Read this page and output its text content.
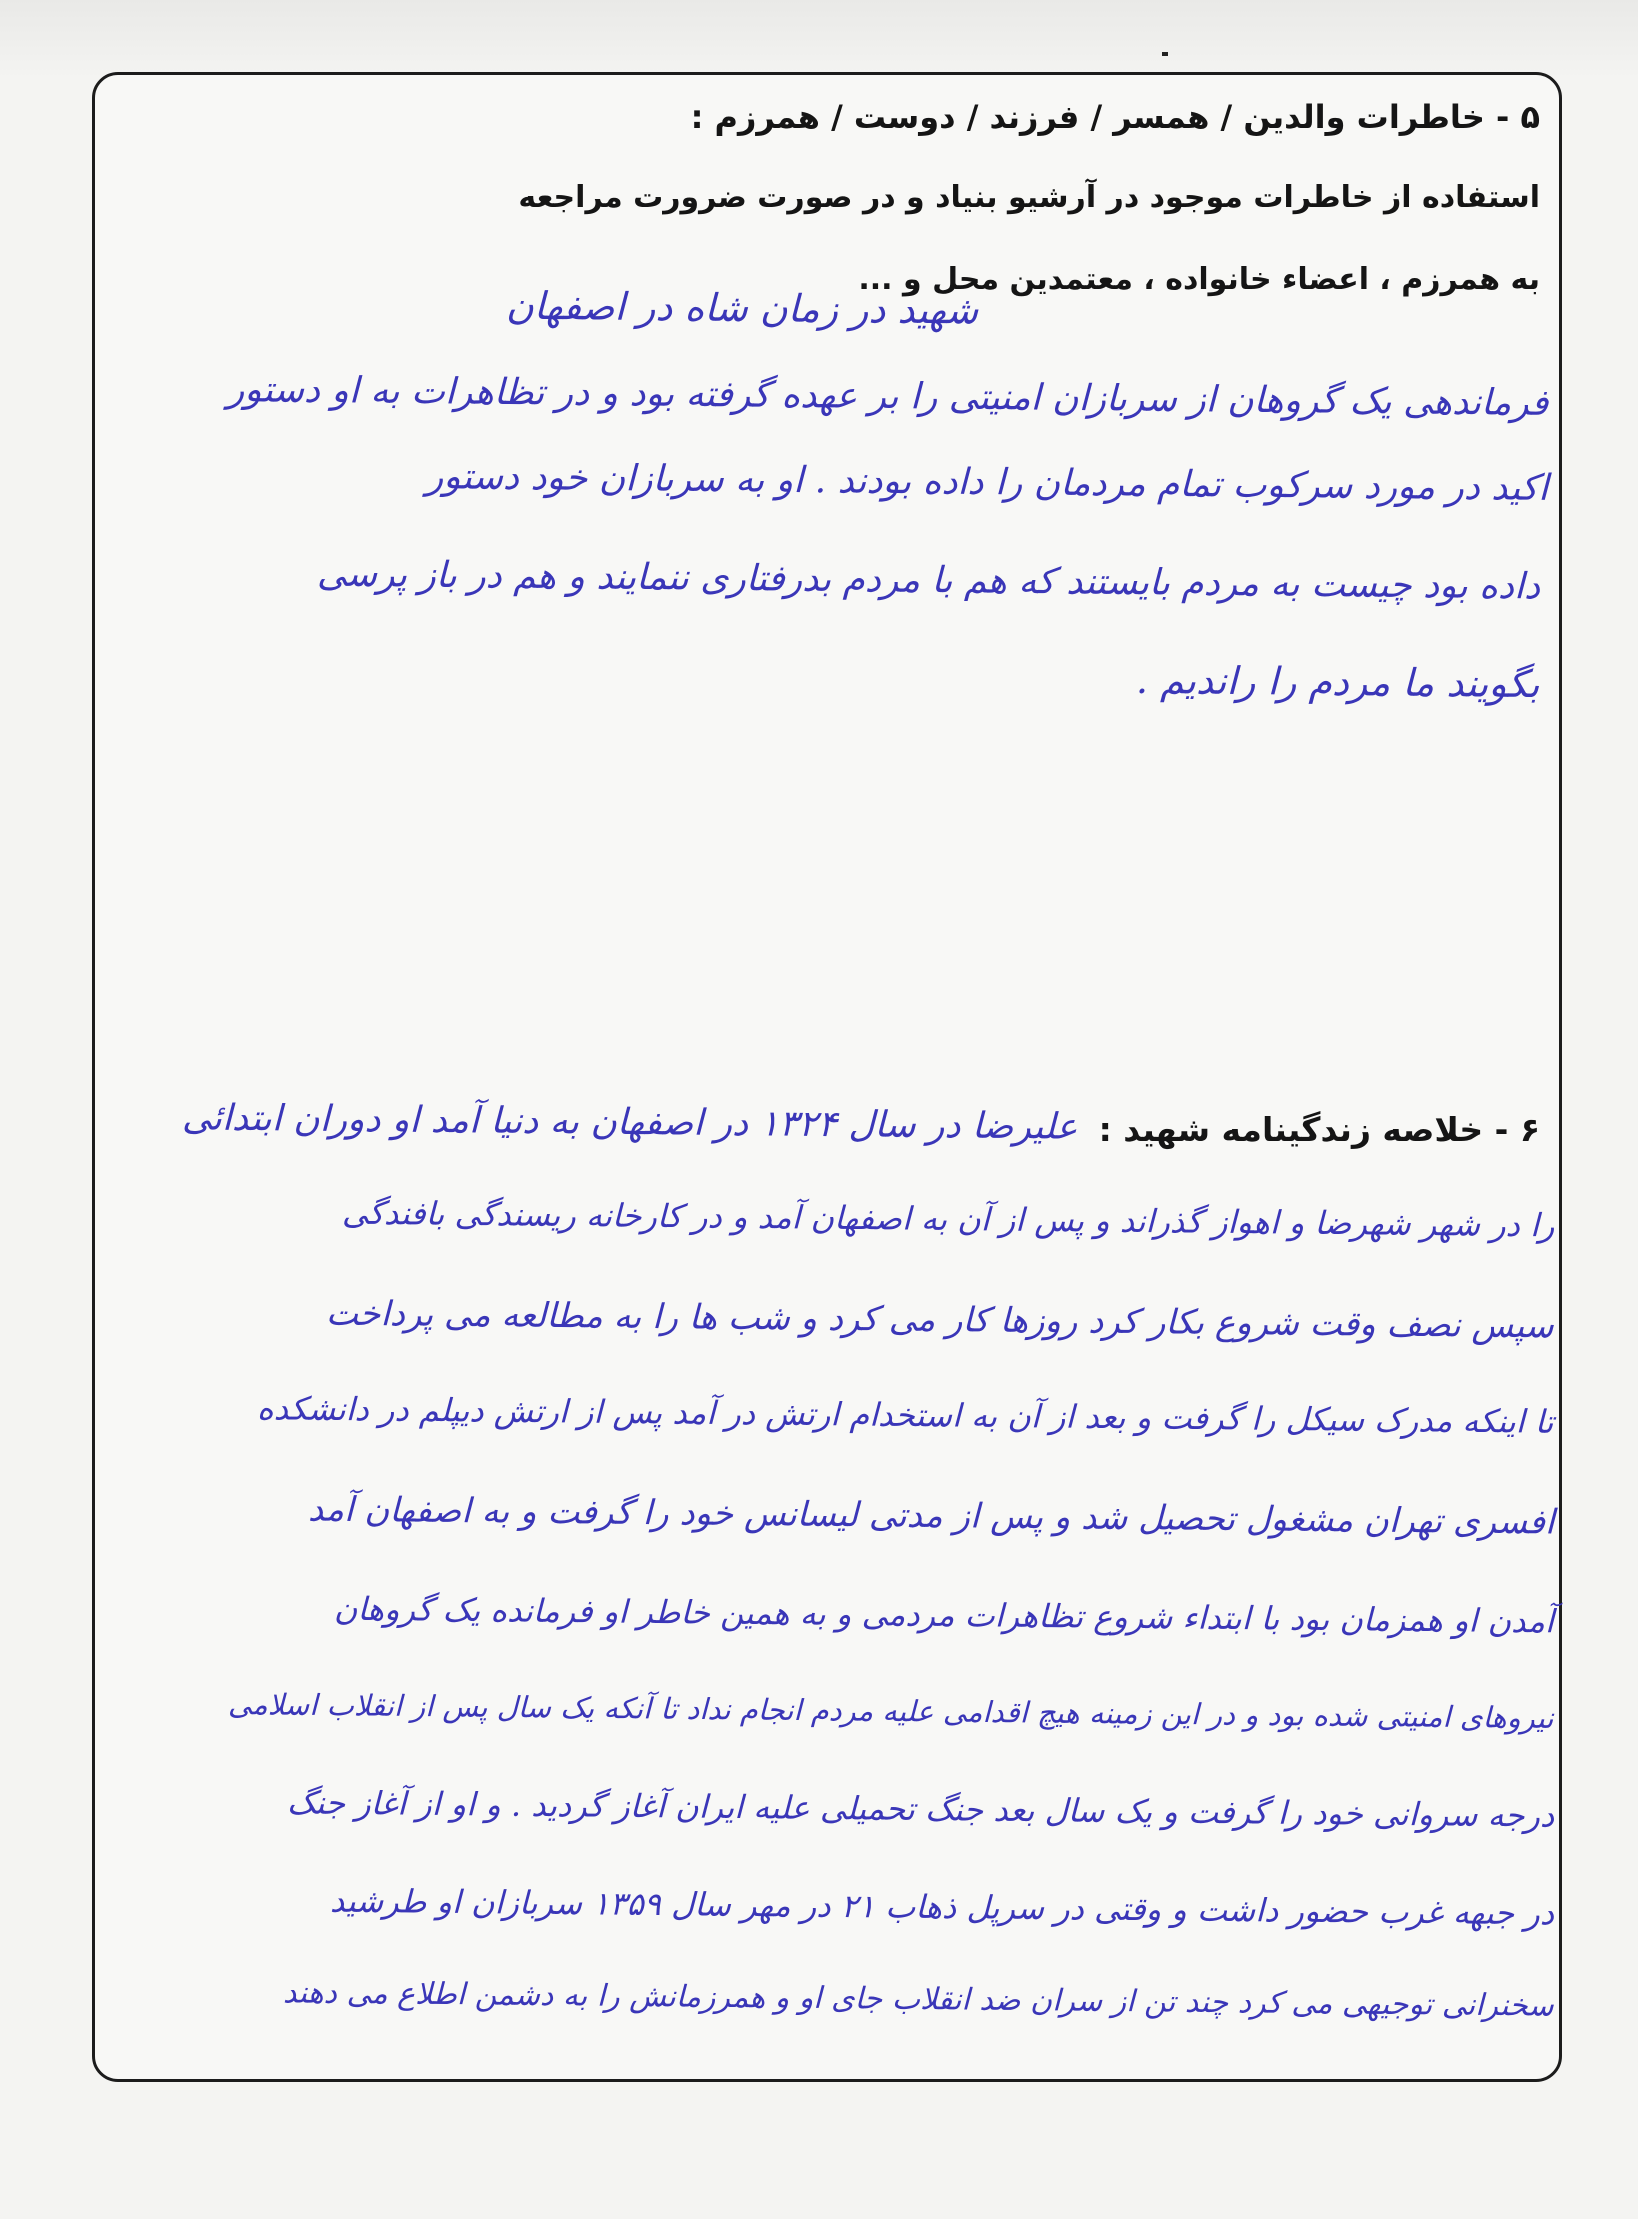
۵ - خاطرات والدین / همسر / فرزند / دوست / همرزم :
استفاده از خاطرات موجود در آرشیو بنیاد و در صورت ضرورت مراجعه
به همرزم ، اعضاء خانواده ، معتمدین محل و ...
شهید در زمان شاه در اصفهان
فرماندهی یک گروهان از سربازان امنیتی را بر عهده گرفته بود و در تظاهرات به او دستور
اکید در مورد سرکوب تمام مردمان را داده بودند . او به سربازان خود دستور
داده بود چیست به مردم بایستند که هم با مردم بدرفتاری ننمایند و هم در باز پرسی
بگویند ما مردم را راندیم .
۶ - خلاصه زندگینامه شهید :
علیرضا در سال ۱۳۲۴ در اصفهان به دنیا آمد او دوران ابتدائی
را در شهر شهرضا و اهواز گذراند و پس از آن به اصفهان آمد و در کارخانه ریسندگی بافندگی
سپس نصف وقت شروع بکار کرد روزها کار می کرد و شب ها را به مطالعه می پرداخت
تا اینکه مدرک سیکل را گرفت و بعد از آن به استخدام ارتش در آمد پس از ارتش دیپلم در دانشکده
افسری تهران مشغول تحصیل شد و پس از مدتی لیسانس خود را گرفت و به اصفهان آمد
آمدن او همزمان بود با ابتداء شروع تظاهرات مردمی و به همین خاطر او فرمانده یک گروهان
نیروهای امنیتی شده بود و در این زمینه هیچ اقدامی علیه مردم انجام نداد تا آنکه یک سال پس از انقلاب اسلامی
درجه سروانی خود را گرفت و یک سال بعد جنگ تحمیلی علیه ایران آغاز گردید . و او از آغاز جنگ
در جبهه غرب حضور داشت و وقتی در سرپل ذهاب ۲۱ در مهر سال ۱۳۵۹ سربازان او طرشید
سخنرانی توجیهی می کرد چند تن از سران ضد انقلاب جای او و همرزمانش را به دشمن اطلاع می دهند
